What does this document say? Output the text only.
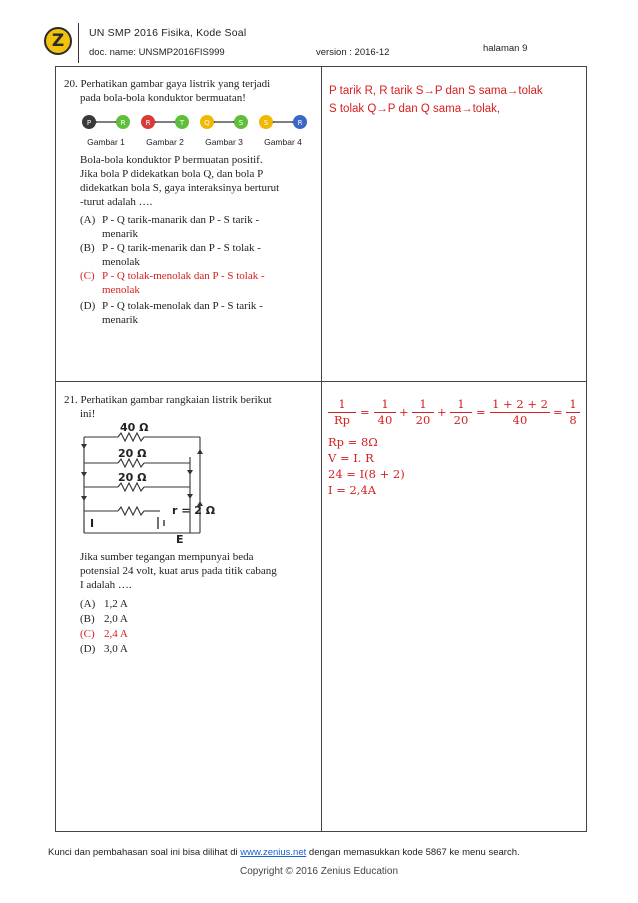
Z UN SMP 2016 Fisika, Kode Soal
doc. name: UNSMP2016FIS999	version : 2016-12	halaman 9
20. Perhatikan gambar gaya listrik yang terjadi
pada bola-bola konduktor bermuatan!
P	R	R	T	Q	S	S	R
Gambar 1 Gambar 2 Gambar 3 Gambar 4
Bola-bola konduktor P bermuatan positif.
Jika bola P didekatkan bola Q, dan bola P
didekatkan bola S, gaya interaksinya berturut
-turut adalah ….
(A) P - Q tarik-manarik dan P - S tarik -
menarik
(B) P - Q tarik-menarik dan P - S tolak -
menolak
(C) P - Q tolak-menolak dan P - S tolak -
menolak
(D) P - Q tolak-menolak dan P - S tarik -
menarik
P tarik R, R tarik S→P dan S sama→tolak
S tolak Q→P dan Q sama→tolak,
21. Perhatikan gambar rangkaian listrik berikut
ini!
40 Ω
20 Ω
20 Ω
r = 2 Ω
I
E
Jika sumber tegangan mempunyai beda
potensial 24 volt, kuat arus pada titik cabang
I adalah ….
(A) 1,2 A
(B) 2,0 A
(C) 2,4 A
(D) 3,0 A
$\frac{1}{Rp} = \frac{1}{40} + \frac{1}{20} + \frac{1}{20} = \frac{1 + 2 + 2}{40} = \frac{1}{8}$
Rp = 8Ω
V = I. R
24 = I(8 + 2)
I = 2,4A
Kunci dan pembahasan soal ini bisa dilihat di www.zenius.net dengan memasukkan kode 5867 ke menu search.
Copyright © 2016 Zenius Education
